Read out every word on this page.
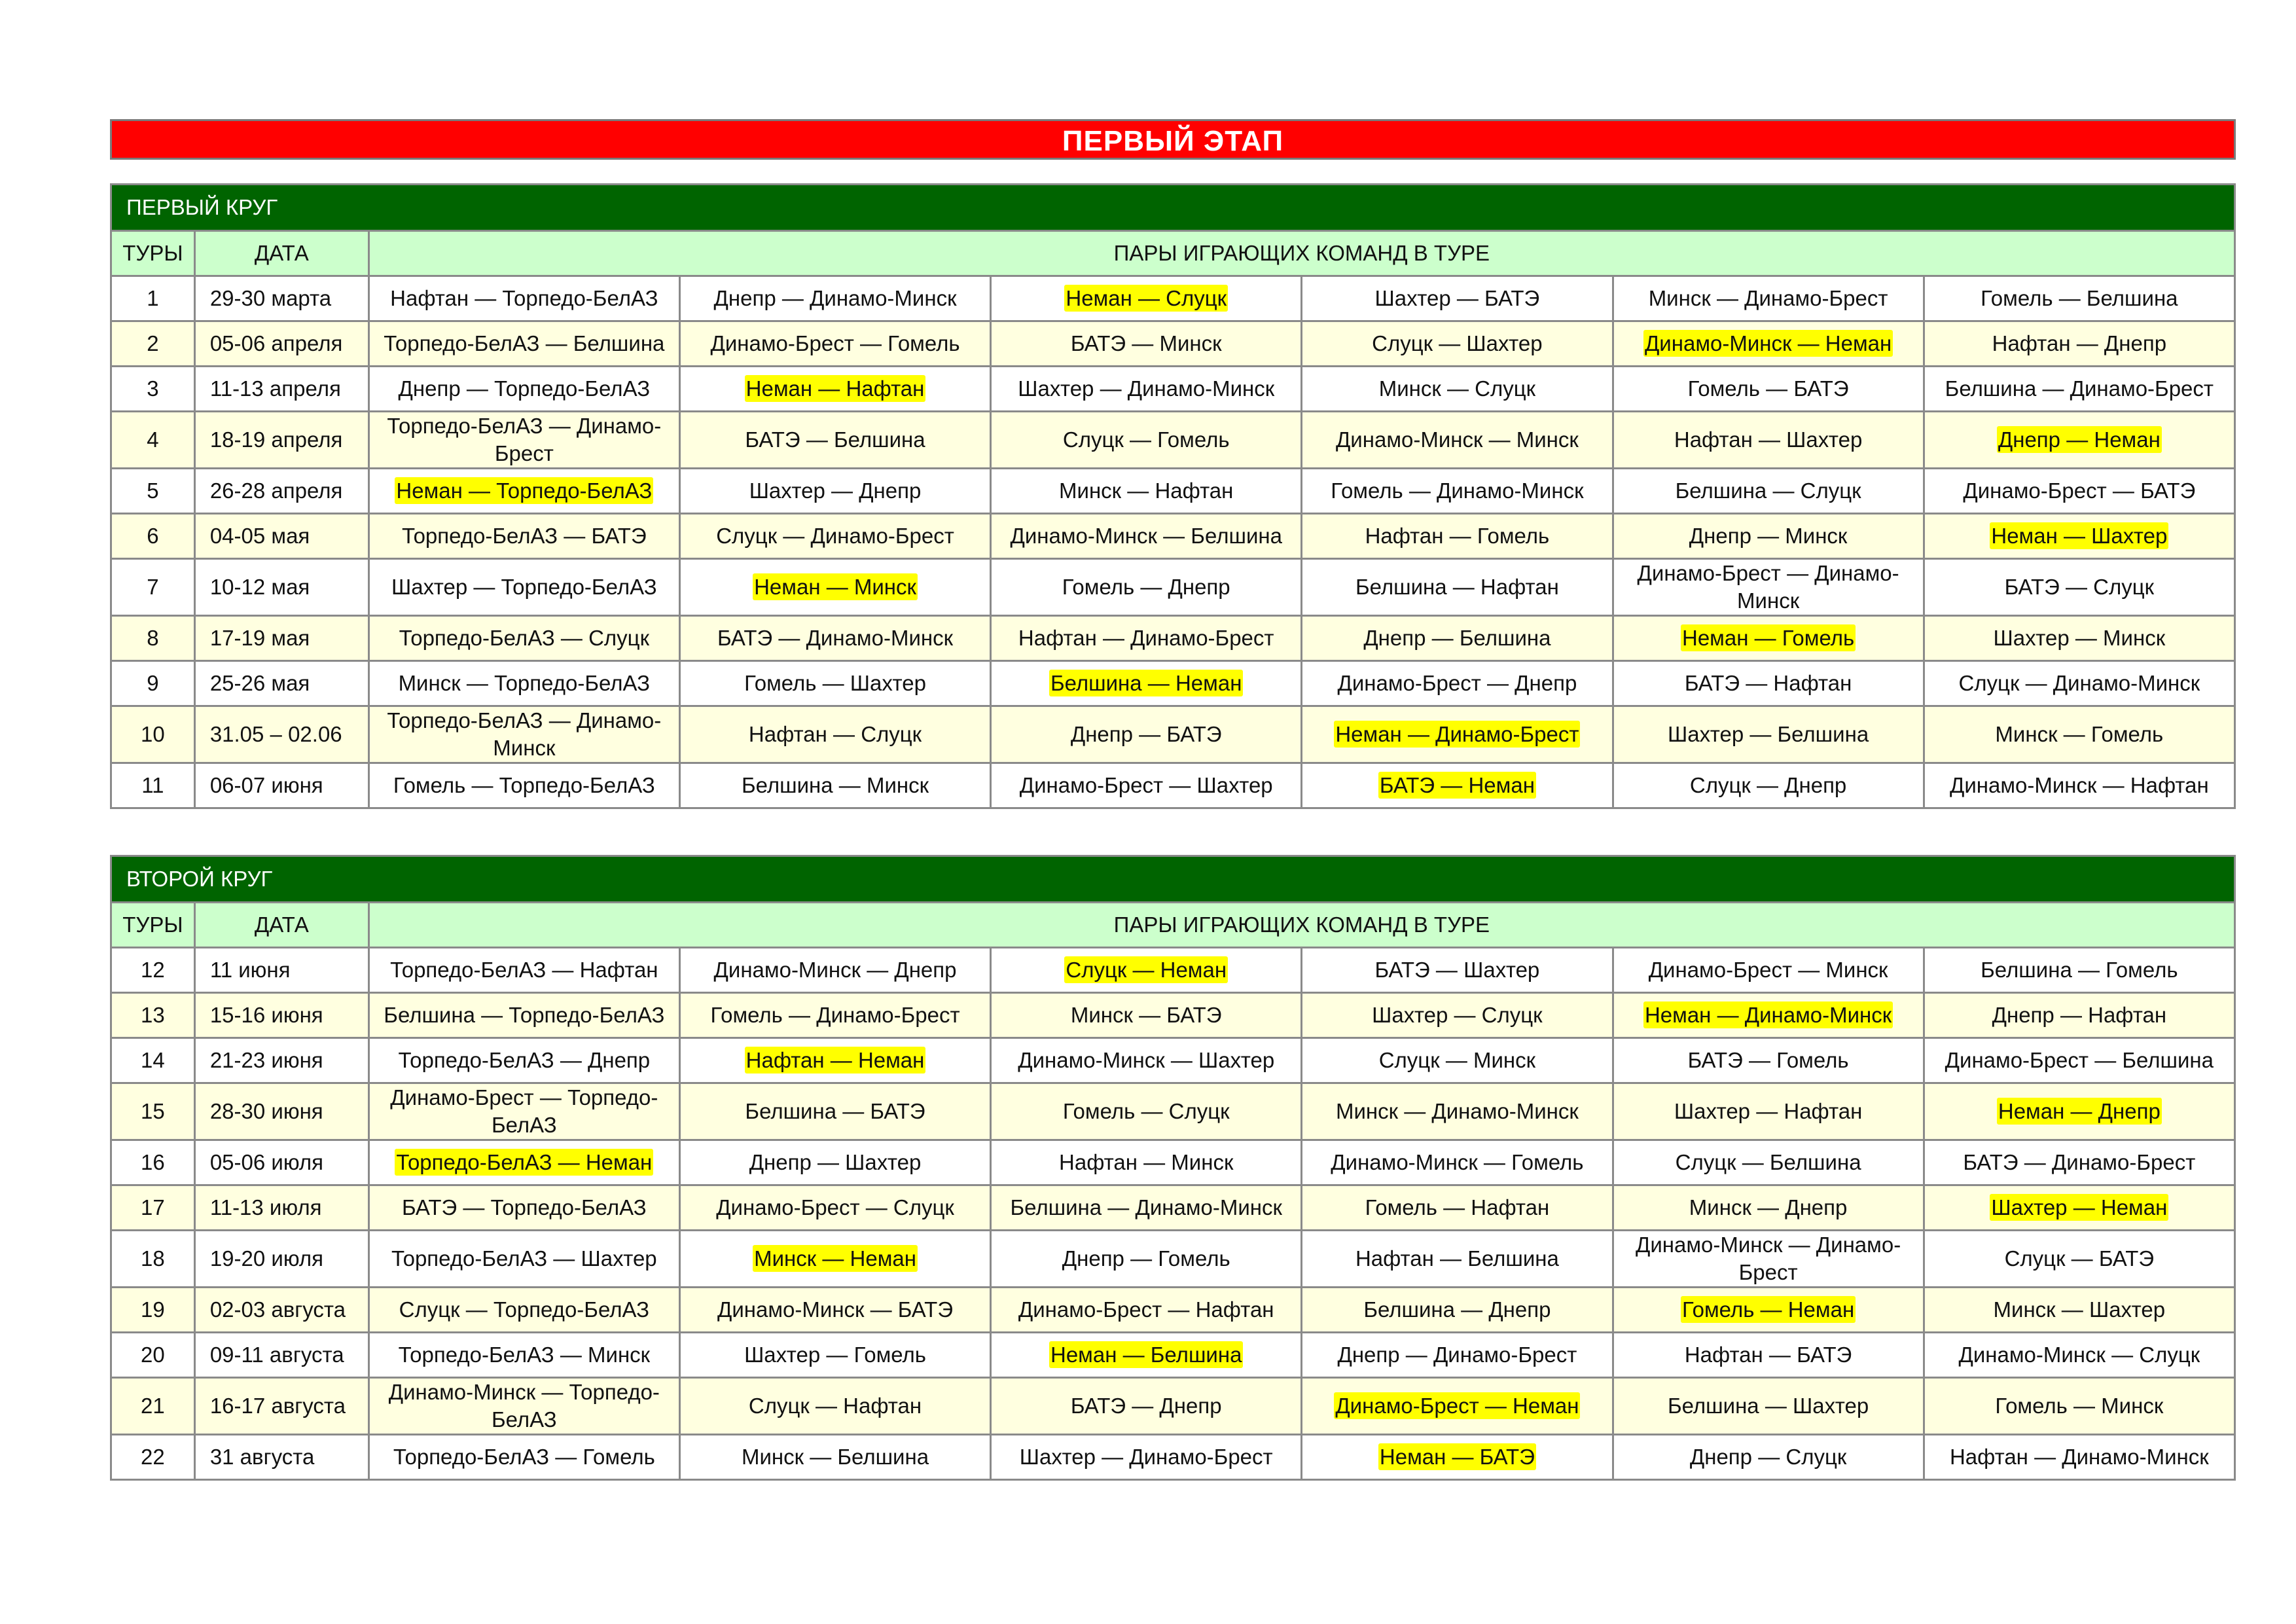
ПЕРВЫЙ ЭТАП
ПЕРВЫЙ КРУГ							
ТУРЫ	ДАТА	ПАРЫ ИГРАЮЩИХ КОМАНД В ТУРЕ					
1	29-30 марта	Нафтан — Торпедо-БелАЗ	Днепр — Динамо-Минск	Неман — Слуцк	Шахтер — БАТЭ	Минск — Динамо-Брест	Гомель — Белшина
2	05-06 апреля	Торпедо-БелАЗ — Белшина	Динамо-Брест — Гомель	БАТЭ — Минск	Слуцк — Шахтер	Динамо-Минск — Неман	Нафтан — Днепр
3	11-13 апреля	Днепр — Торпедо-БелАЗ	Неман — Нафтан	Шахтер — Динамо-Минск	Минск — Слуцк	Гомель — БАТЭ	Белшина — Динамо-Брест
4	18-19 апреля	Торпедо-БелАЗ — Динамо-Брест	БАТЭ — Белшина	Слуцк — Гомель	Динамо-Минск — Минск	Нафтан — Шахтер	Днепр — Неман
5	26-28 апреля	Неман — Торпедо-БелАЗ	Шахтер — Днепр	Минск — Нафтан	Гомель — Динамо-Минск	Белшина — Слуцк	Динамо-Брест — БАТЭ
6	04-05 мая	Торпедо-БелАЗ — БАТЭ	Слуцк — Динамо-Брест	Динамо-Минск — Белшина	Нафтан — Гомель	Днепр — Минск	Неман — Шахтер
7	10-12 мая	Шахтер — Торпедо-БелАЗ	Неман — Минск	Гомель — Днепр	Белшина — Нафтан	Динамо-Брест — Динамо-Минск	БАТЭ — Слуцк
8	17-19 мая	Торпедо-БелАЗ — Слуцк	БАТЭ — Динамо-Минск	Нафтан — Динамо-Брест	Днепр — Белшина	Неман — Гомель	Шахтер — Минск
9	25-26 мая	Минск — Торпедо-БелАЗ	Гомель — Шахтер	Белшина — Неман	Динамо-Брест — Днепр	БАТЭ — Нафтан	Слуцк — Динамо-Минск
10	31.05 – 02.06	Торпедо-БелАЗ — Динамо-Минск	Нафтан — Слуцк	Днепр — БАТЭ	Неман — Динамо-Брест	Шахтер — Белшина	Минск — Гомель
11	06-07 июня	Гомель — Торпедо-БелАЗ	Белшина — Минск	Динамо-Брест — Шахтер	БАТЭ — Неман	Слуцк — Днепр	Динамо-Минск — Нафтан
ВТОРОЙ КРУГ							
ТУРЫ	ДАТА	ПАРЫ ИГРАЮЩИХ КОМАНД В ТУРЕ					
12	11 июня	Торпедо-БелАЗ — Нафтан	Динамо-Минск — Днепр	Слуцк — Неман	БАТЭ — Шахтер	Динамо-Брест — Минск	Белшина — Гомель
13	15-16 июня	Белшина — Торпедо-БелАЗ	Гомель — Динамо-Брест	Минск — БАТЭ	Шахтер — Слуцк	Неман — Динамо-Минск	Днепр — Нафтан
14	21-23 июня	Торпедо-БелАЗ — Днепр	Нафтан — Неман	Динамо-Минск — Шахтер	Слуцк — Минск	БАТЭ — Гомель	Динамо-Брест — Белшина
15	28-30 июня	Динамо-Брест — Торпедо-БелАЗ	Белшина — БАТЭ	Гомель — Слуцк	Минск — Динамо-Минск	Шахтер — Нафтан	Неман — Днепр
16	05-06 июля	Торпедо-БелАЗ — Неман	Днепр — Шахтер	Нафтан — Минск	Динамо-Минск — Гомель	Слуцк — Белшина	БАТЭ — Динамо-Брест
17	11-13 июля	БАТЭ — Торпедо-БелАЗ	Динамо-Брест — Слуцк	Белшина — Динамо-Минск	Гомель — Нафтан	Минск — Днепр	Шахтер — Неман
18	19-20 июля	Торпедо-БелАЗ — Шахтер	Минск — Неман	Днепр — Гомель	Нафтан — Белшина	Динамо-Минск — Динамо-Брест	Слуцк — БАТЭ
19	02-03 августа	Слуцк — Торпедо-БелАЗ	Динамо-Минск — БАТЭ	Динамо-Брест — Нафтан	Белшина — Днепр	Гомель — Неман	Минск — Шахтер
20	09-11 августа	Торпедо-БелАЗ — Минск	Шахтер — Гомель	Неман — Белшина	Днепр — Динамо-Брест	Нафтан — БАТЭ	Динамо-Минск — Слуцк
21	16-17 августа	Динамо-Минск — Торпедо-БелАЗ	Слуцк — Нафтан	БАТЭ — Днепр	Динамо-Брест — Неман	Белшина — Шахтер	Гомель — Минск
22	31 августа	Торпедо-БелАЗ — Гомель	Минск — Белшина	Шахтер — Динамо-Брест	Неман — БАТЭ	Днепр — Слуцк	Нафтан — Динамо-Минск
